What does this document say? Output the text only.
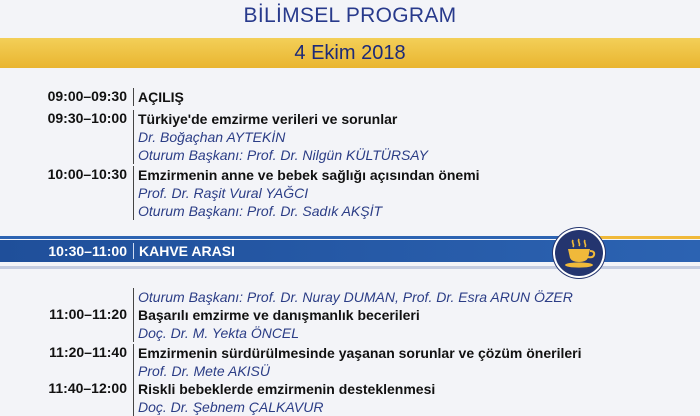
BİLİMSEL PROGRAM
4 Ekim 2018
09:00–09:30 AÇILIŞ
09:30–10:00 Türkiye'de emzirme verileri ve sorunlar
Dr. Boğaçhan AYTEKİN
Oturum Başkanı: Prof. Dr. Nilgün KÜLTÜRSAY
10:00–10:30 Emzirmenin anne ve bebek sağlığı açısından önemi
Prof. Dr. Raşit Vural YAĞCI
Oturum Başkanı: Prof. Dr. Sadık AKŞİT
10:30–11:00 KAHVE ARASI
Oturum Başkanı: Prof. Dr. Nuray DUMAN, Prof. Dr. Esra ARUN ÖZER
11:00–11:20 Başarılı emzirme ve danışmanlık becerileri
Doç. Dr. M. Yekta ÖNCEL
11:20–11:40 Emzirmenin sürdürülmesinde yaşanan sorunlar ve çözüm önerileri
Prof. Dr. Mete AKISÜ
11:40–12:00 Riskli bebeklerde emzirmenin desteklenmesi
Doç. Dr. Şebnem ÇALKAVUR
